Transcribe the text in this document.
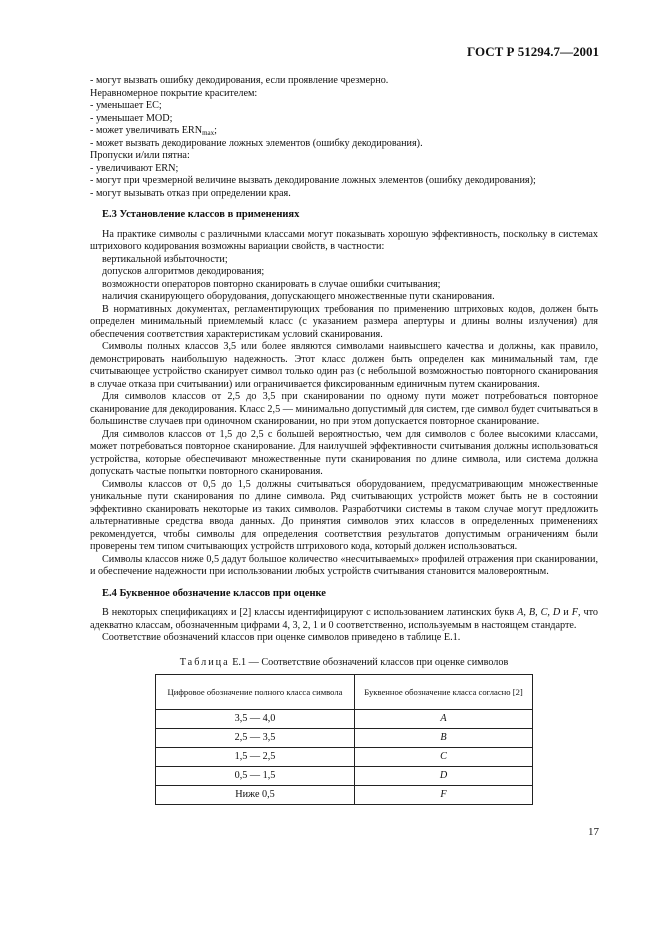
ГОСТ Р 51294.7—2001
- могут вызвать ошибку декодирования, если проявление чрезмерно.
Неравномерное покрытие красителем:
- уменьшает EC;
- уменьшает MOD;
- может увеличивать $ERN_{max}$;
- может вызвать декодирование ложных элементов (ошибку декодирования).
Пропуски и/или пятна:
- увеличивают ERN;
- могут при чрезмерной величине вызвать декодирование ложных элементов (ошибку декодирования);
- могут вызывать отказ при определении края.
E.3 Установление классов в применениях
На практике символы с различными классами могут показывать хорошую эффективность, поскольку в системах штрихового кодирования возможны вариации свойств, в частности:
вертикальной избыточности;
допусков алгоритмов декодирования;
возможности операторов повторно сканировать в случае ошибки считывания;
наличия сканирующего оборудования, допускающего множественные пути сканирования.
В нормативных документах, регламентирующих требования по применению штриховых кодов, должен быть определен минимальный приемлемый класс (с указанием размера апертуры и длины волны излучения) для обеспечения соответствия характеристикам условий сканирования.
Символы полных классов 3,5 или более являются символами наивысшего качества и должны, как правило, демонстрировать наибольшую надежность. Этот класс должен быть определен как минимальный там, где считывающее устройство сканирует символ только один раз (с небольшой возможностью повторного сканирования в случае отказа при считывании) или ограничивается фиксированным единичным путем сканирования.
Для символов классов от 2,5 до 3,5 при сканировании по одному пути может потребоваться повторное сканирование для декодирования. Класс 2,5 — минимально допустимый для систем, где символ будет считываться в большинстве случаев при одиночном сканировании, но при этом допускается повторное сканирование.
Для символов классов от 1,5 до 2,5 с большей вероятностью, чем для символов с более высокими классами, может потребоваться повторное сканирование. Для наилучшей эффективности считывания должны использоваться устройства, которые обеспечивают множественные пути сканирования по длине символа, или система должна допускать частые попытки повторного сканирования.
Символы классов от 0,5 до 1,5 должны считываться оборудованием, предусматривающим множественные уникальные пути сканирования по длине символа. Ряд считывающих устройств может быть не в состоянии эффективно сканировать некоторые из таких символов. Разработчики системы в таком случае могут предложить альтернативные средства ввода данных. До принятия символов этих классов в определенных применениях рекомендуется, чтобы символы для определения соответствия результатов допустимым ограничениям были проверены тем типом считывающих устройств штрихового кода, который должен использоваться.
Символы классов ниже 0,5 дадут большое количество «несчитываемых» профилей отражения при сканировании, и обеспечение надежности при использовании любых устройств считывания становится маловероятным.
E.4 Буквенное обозначение классов при оценке
В некоторых спецификациях и [2] классы идентифицируют с использованием латинских букв A, B, C, D и F, что адекватно классам, обозначенным цифрами 4, 3, 2, 1 и 0 соответственно, используемым в настоящем стандарте.
Соответствие обозначений классов при оценке символов приведено в таблице Е.1.
Таблица Е.1 — Соответствие обозначений классов при оценке символов
Цифровое обозначение полного класса символа	Буквенное обозначение класса согласно [2]
3,5 — 4,0	A
2,5 — 3,5	B
1,5 — 2,5	C
0,5 — 1,5	D
Ниже 0,5	F
17
